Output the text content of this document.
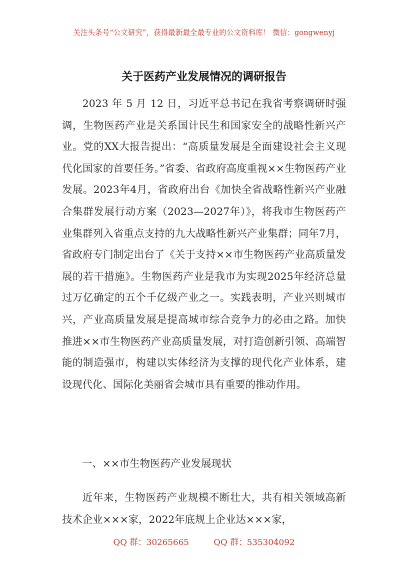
关注头条号“公文研究”，获得最新最全最专业的公文资料库！ 微信：gongwenyj
关于医药产业发展情况的调研报告
2023 年 5 月 12 日，习近平总书记在我省考察调研时强调，生物医药产业是关系国计民生和国家安全的战略性新兴产业。党的XX大报告提出：“高质量发展是全面建设社会主义现代化国家的首要任务。”省委、省政府高度重视××生物医药产业发展。2023年4月，省政府出台《加快全省战略性新兴产业融合集群发展行动方案（2023—2027年）》，将我市生物医药产业集群列入省重点支持的九大战略性新兴产业集群；同年7月，省政府专门制定出台了《关于支持××市生物医药产业高质量发展的若干措施》。生物医药产业是我市为实现2025年经济总量过万亿确定的五个千亿级产业之一。实践表明，产业兴则城市兴，产业高质量发展是提高城市综合竞争力的必由之路。加快推进××市生物医药产业高质量发展，对打造创新引领、高端智能的制造强市，构建以实体经济为支撑的现代化产业体系，建设现代化、国际化美丽省会城市具有重要的推动作用。
一、××市生物医药产业发展现状
近年来，生物医药产业规模不断壮大，共有相关领域高新技术企业×××家，2022年底规上企业达×××家，
QQ 群：30265665	QQ 群：535304092
